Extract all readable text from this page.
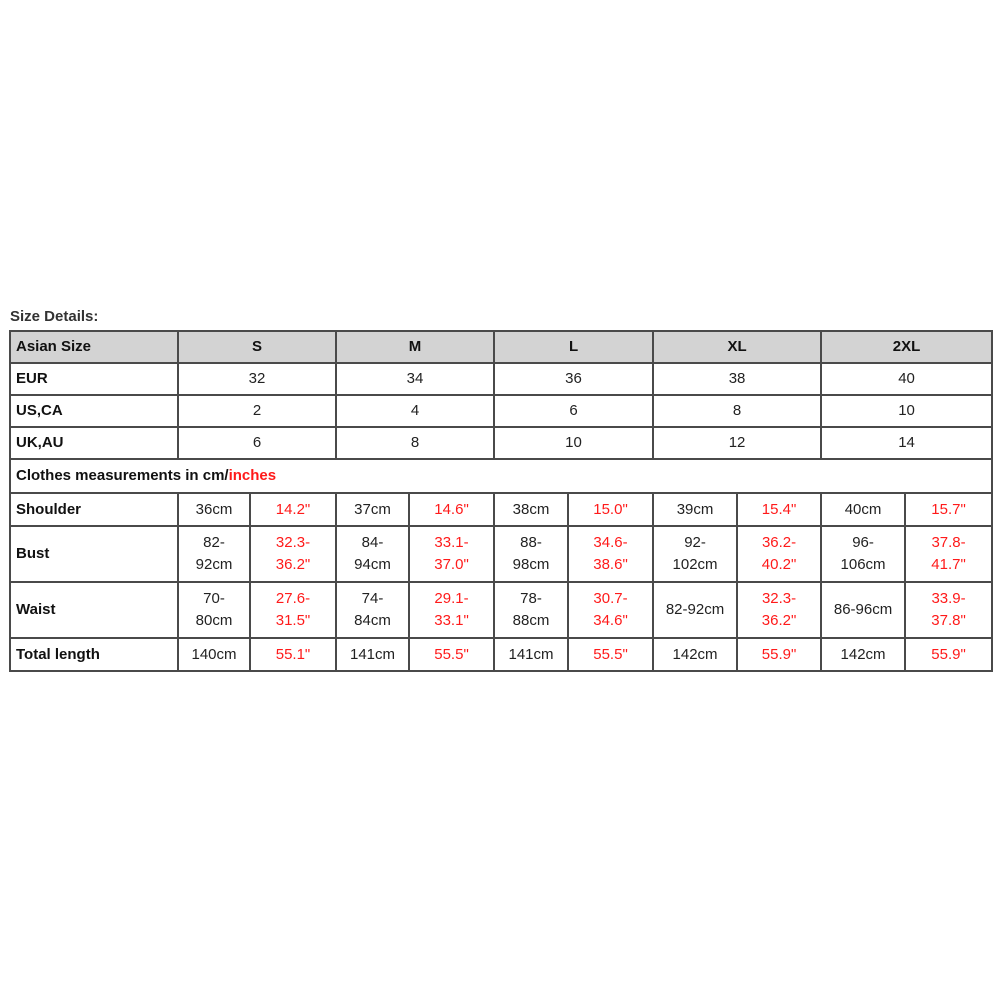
Size Details:
Asian Size	S		M		L		XL		2XL	
EUR	32		34		36		38		40	
US,CA	2		4		6		8		10	
UK,AU	6		8		10		12		14	
Clothes measurements in cm/inches										
Shoulder	36cm	14.2"	37cm	14.6"	38cm	15.0"	39cm	15.4"	40cm	15.7"
Bust	82-92cm	32.3-36.2"	84-94cm	33.1-37.0"	88-98cm	34.6-38.6"	92-102cm	36.2-40.2"	96-106cm	37.8-41.7"
Waist	70-80cm	27.6-31.5"	74-84cm	29.1-33.1"	78-88cm	30.7-34.6"	82-92cm	32.3-36.2"	86-96cm	33.9-37.8"
Total length	140cm	55.1"	141cm	55.5"	141cm	55.5"	142cm	55.9"	142cm	55.9"
